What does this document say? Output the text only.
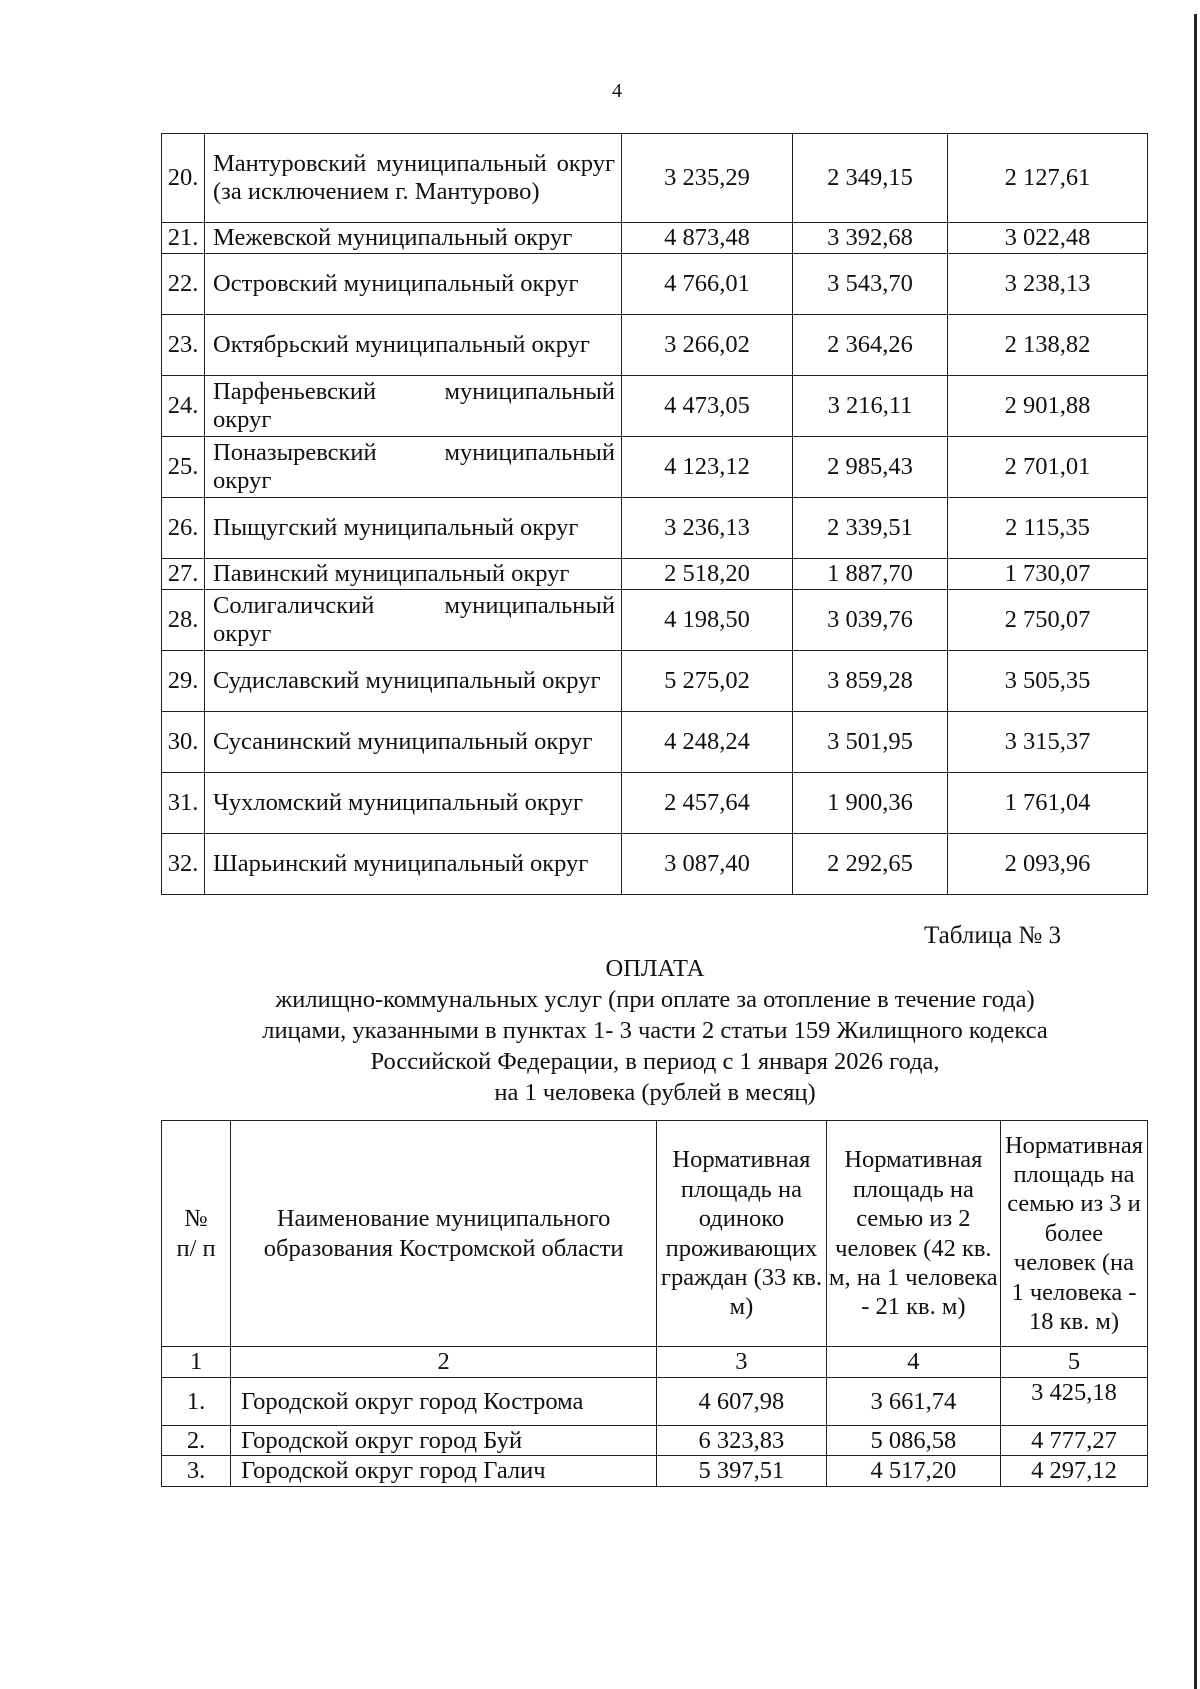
4
20.	Мантуровский муниципальный округ (за исключением г. Мантурово)	3 235,29	2 349,15	2 127,61
21.	Межевской муниципальный округ	4 873,48	3 392,68	3 022,48
22.	Островский муниципальный округ	4 766,01	3 543,70	3 238,13
23.	Октябрьский муниципальный округ	3 266,02	2 364,26	2 138,82
24.	Парфеньевский муниципальный округ	4 473,05	3 216,11	2 901,88
25.	Поназыревский муниципальный округ	4 123,12	2 985,43	2 701,01
26.	Пыщугский муниципальный округ	3 236,13	2 339,51	2 115,35
27.	Павинский муниципальный округ	2 518,20	1 887,70	1 730,07
28.	Солигаличский муниципальный округ	4 198,50	3 039,76	2 750,07
29.	Судиславский муниципальный округ	5 275,02	3 859,28	3 505,35
30.	Сусанинский муниципальный округ	4 248,24	3 501,95	3 315,37
31.	Чухломский муниципальный округ	2 457,64	1 900,36	1 761,04
32.	Шарьинский муниципальный округ	3 087,40	2 292,65	2 093,96
Таблица № 3
ОПЛАТА
жилищно-коммунальных услуг (при оплате за отопление в течение года)
лицами, указанными в пунктах 1- 3 части 2 статьи 159 Жилищного кодекса
Российской Федерации, в период с 1 января 2026 года,
на 1 человека (рублей в месяц)
№ п/ п	Наименование муниципального образования Костромской области	Нормативная площадь на одиноко проживающих граждан (33 кв. м)	Нормативная площадь на семью из 2 человек (42 кв. м, на 1 человека - 21 кв. м)	Нормативная площадь на семью из 3 и более человек (на 1 человека - 18 кв. м)
1	2	3	4	5
1.	Городской округ город Кострома	4 607,98	3 661,74	3 425,18
2.	Городской округ город Буй	6 323,83	5 086,58	4 777,27
3.	Городской округ город Галич	5 397,51	4 517,20	4 297,12
